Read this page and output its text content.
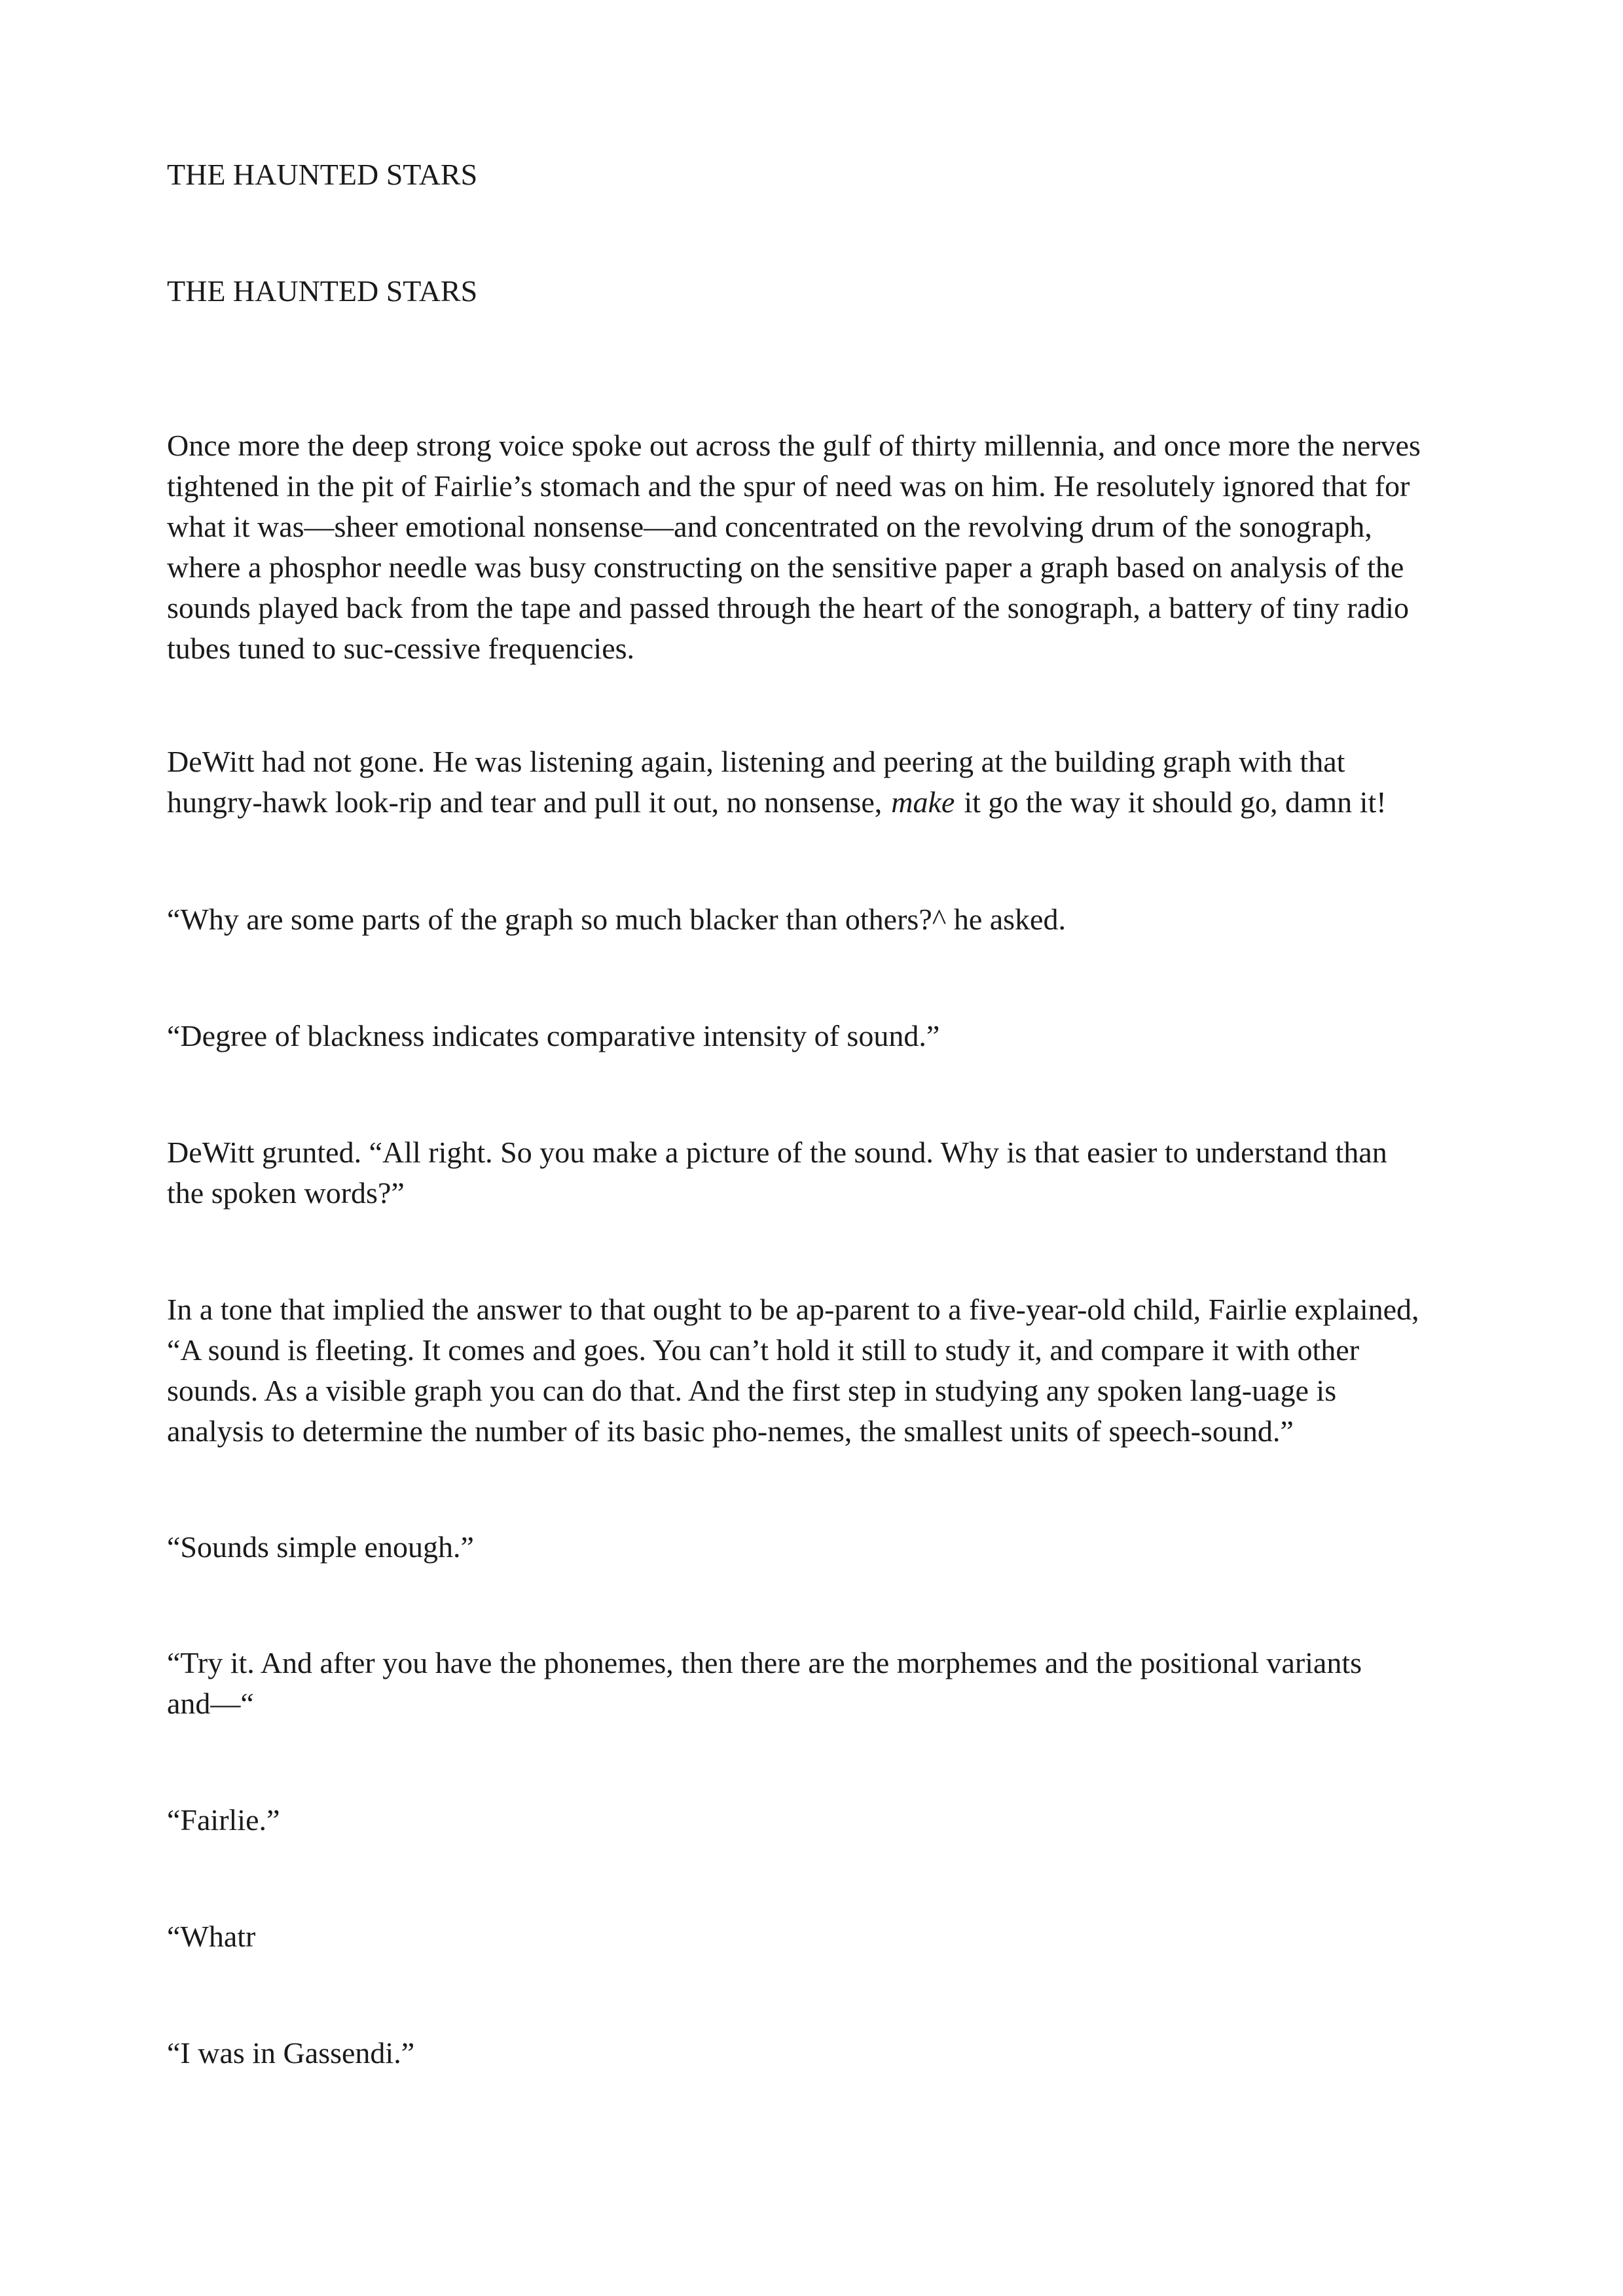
THE HAUNTED STARS
THE HAUNTED STARS
Once more the deep strong voice spoke out across the gulf of thirty millennia, and once more the nerves
tightened in the pit of Fairlie’s stomach and the spur of need was on him. He resolutely ignored that for
what it was—sheer emotional nonsense—and concentrated on the revolving drum of the sonograph,
where a phosphor needle was busy constructing on the sensitive paper a graph based on analysis of the
sounds played back from the tape and passed through the heart of the sonograph, a battery of tiny radio
tubes tuned to suc-cessive frequencies.
DeWitt had not gone. He was listening again, listening and peering at the building graph with that
hungry-hawk look-rip and tear and pull it out, no nonsense, make it go the way it should go, damn it!
“Why are some parts of the graph so much blacker than others?^ he asked.
“Degree of blackness indicates comparative intensity of sound.”
DeWitt grunted. “All right. So you make a picture of the sound. Why is that easier to understand than
the spoken words?”
In a tone that implied the answer to that ought to be ap-parent to a five-year-old child, Fairlie explained,
“A sound is fleeting. It comes and goes. You can’t hold it still to study it, and compare it with other
sounds. As a visible graph you can do that. And the first step in studying any spoken lang-uage is
analysis to determine the number of its basic pho-nemes, the smallest units of speech-sound.”
“Sounds simple enough.”
“Try it. And after you have the phonemes, then there are the morphemes and the positional variants
and—“
“Fairlie.”
“Whatr
“I was in Gassendi.”
